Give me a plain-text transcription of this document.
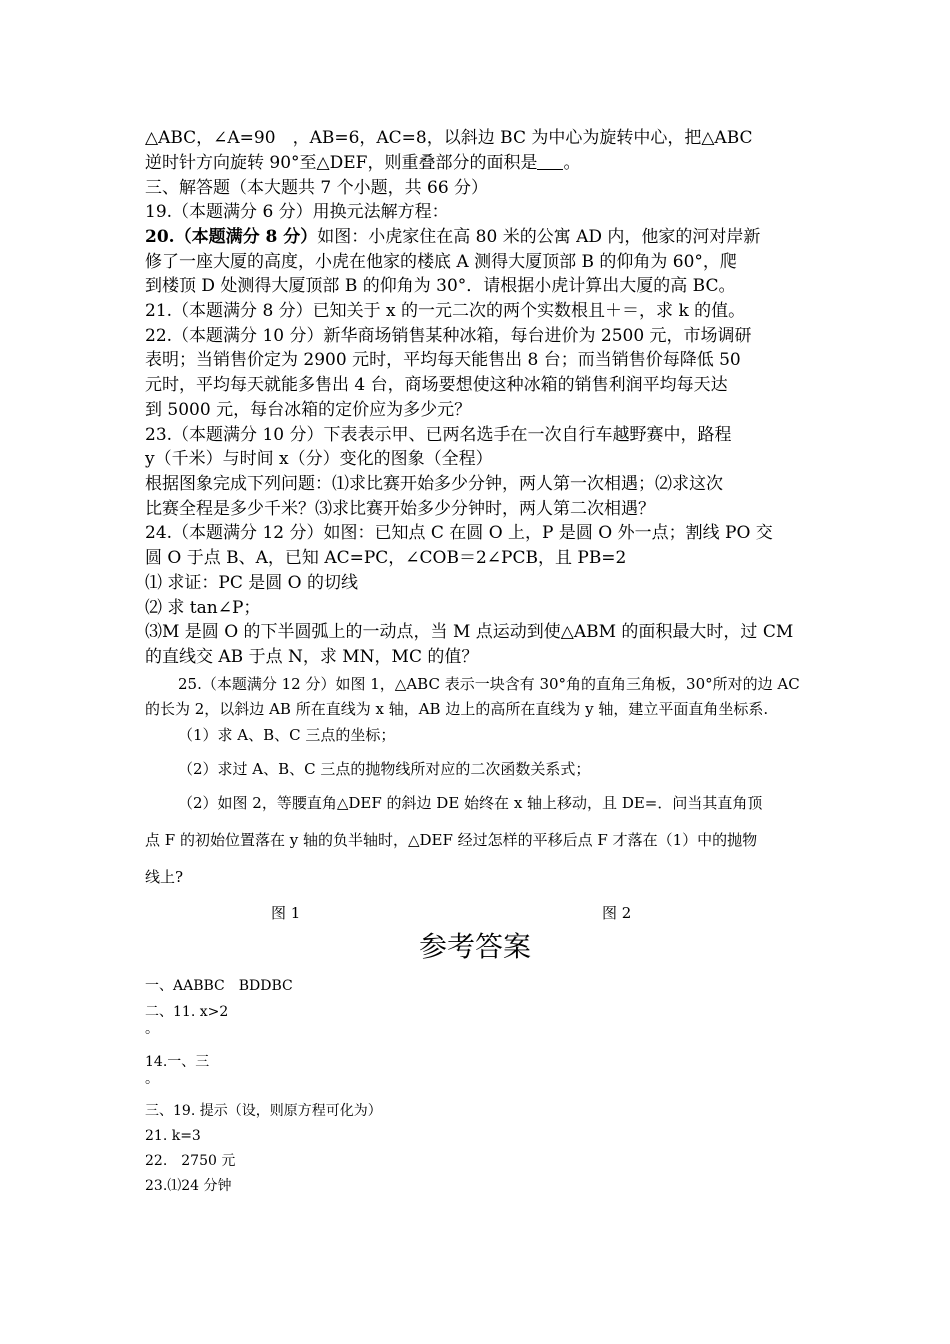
△ABC，∠A=90　，AB=6，AC=8，以斜边 BC 为中心为旋转中心，把△ABC
逆时针方向旋转 90°至△DEF，则重叠部分的面积是 。
三、解答题（本大题共 7 个小题，共 66 分）
19.（本题满分 6 分）用换元法解方程：
20.（本题满分 8 分）如图：小虎家住在高 80 米的公寓 AD 内，他家的河对岸新
修了一座大厦的高度，小虎在他家的楼底 A 测得大厦顶部 B 的仰角为 60°，爬
到楼顶 D 处测得大厦顶部 B 的仰角为 30°．请根据小虎计算出大厦的高 BC。
21.（本题满分 8 分）已知关于 x 的一元二次的两个实数根且＋＝，求 k 的值。
22.（本题满分 10 分）新华商场销售某种冰箱，每台进价为 2500 元，市场调研
表明；当销售价定为 2900 元时，平均每天能售出 8 台；而当销售价每降低 50
元时，平均每天就能多售出 4 台，商场要想使这种冰箱的销售利润平均每天达
到 5000 元，每台冰箱的定价应为多少元？
23.（本题满分 10 分）下表表示甲、已两名选手在一次自行车越野赛中，路程
y（千米）与时间 x（分）变化的图象（全程）
根据图象完成下列问题：⑴求比赛开始多少分钟，两人第一次相遇；⑵求这次
比赛全程是多少千米？⑶求比赛开始多少分钟时，两人第二次相遇？
24.（本题满分 12 分）如图：已知点 C 在圆 O 上，P 是圆 O 外一点；割线 PO 交
圆 O 于点 B、A，已知 AC=PC，∠COB＝2∠PCB，且 PB=2
⑴ 求证：PC 是圆 O 的切线
⑵ 求 tan∠P；
⑶M 是圆 O 的下半圆弧上的一动点，当 M 点运动到使△ABM 的面积最大时，过 CM
的直线交 AB 于点 N，求 MN，MC 的值？
25.（本题满分 12 分）如图 1，△ABC 表示一块含有 30°角的直角三角板，30°所对的边 AC
的长为 2，以斜边 AB 所在直线为 x 轴，AB 边上的高所在直线为 y 轴，建立平面直角坐标系.
（1）求 A、B、C 三点的坐标；
（2）求过 A、B、C 三点的抛物线所对应的二次函数关系式；
（2）如图 2，等腰直角△DEF 的斜边 DE 始终在 x 轴上移动，且 DE=．问当其直角顶
点 F 的初始位置落在 y 轴的负半轴时，△DEF 经过怎样的平移后点 F 才落在（1）中的抛物
线上?
图 1	图 2
参考答案
一、AABBC　BDDBC
二、11. x>2
。
14.一、三
。
三、19. 提示（设，则原方程可化为）
21. k=3
22.　2750 元
23.⑴24 分钟
